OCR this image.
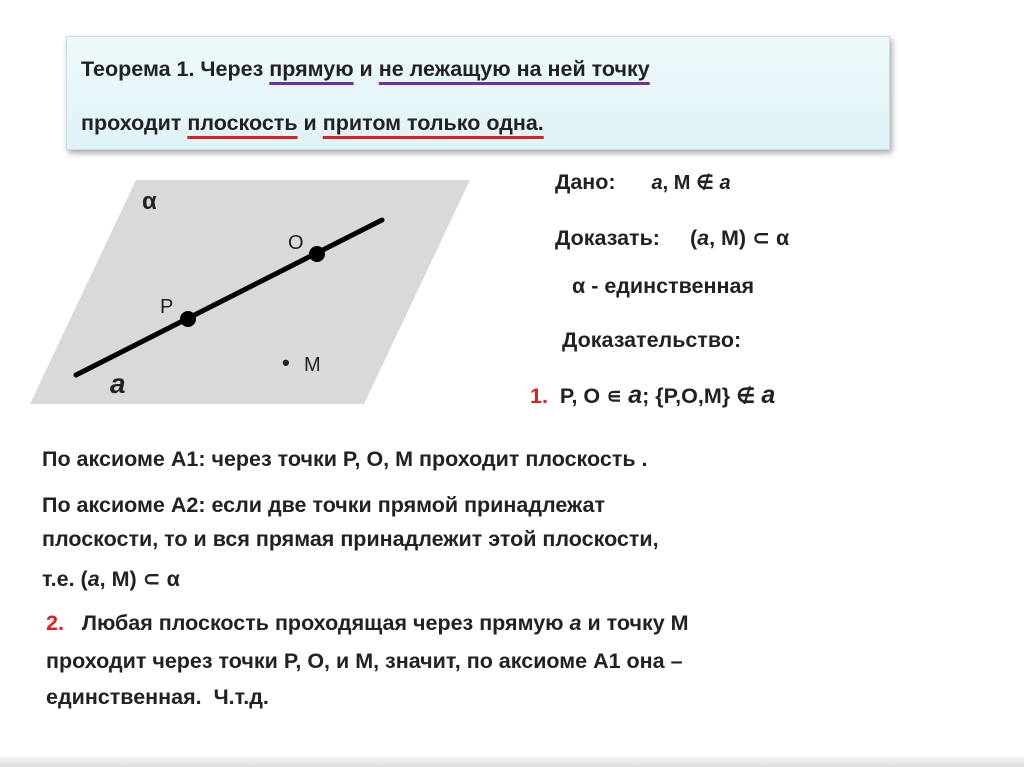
Теорема 1. Через прямую и не лежащую на ней точку
проходит плоскость и притом только одна.
α
a
O
P
• M
Дано: a, M ∉ a
Доказать: (a, M) ⊂ α
α - единственная
Доказательство:
1.  P, O ∊ a; {P,O,M} ∉ a
По аксиоме А1: через точки P, O, M проходит плоскость .
По аксиоме А2: если две точки прямой принадлежат
плоскости, то и вся прямая принадлежит этой плоскости,
т.е. (a, M) ⊂ α
2.   Любая плоскость проходящая через прямую a и точку М
проходит через точки P, O, и M, значит, по аксиоме А1 она –
единственная.  Ч.т.д.
